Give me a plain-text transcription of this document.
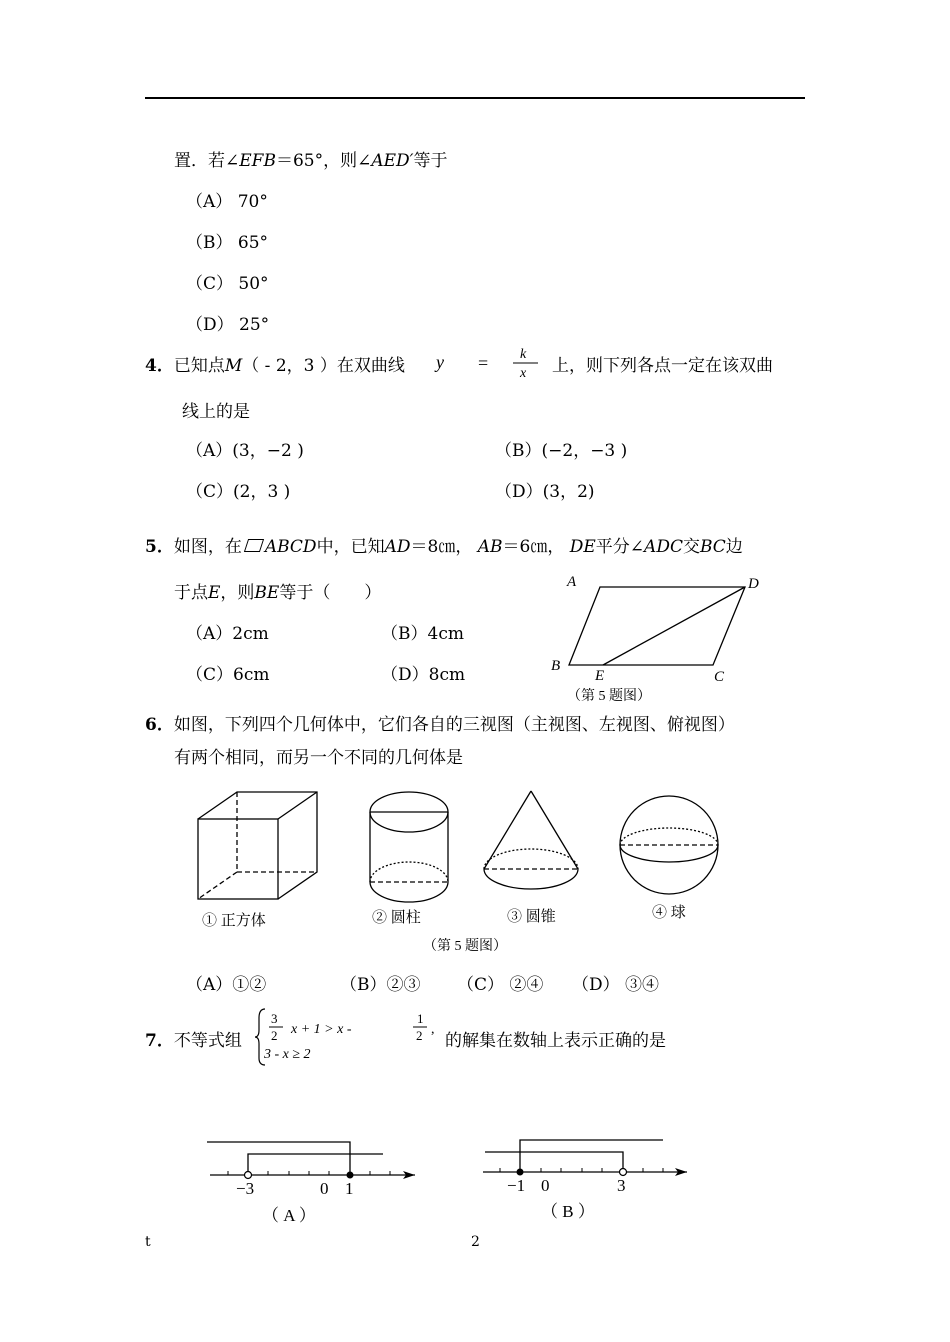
置．若∠EFB＝65°，则∠AED′等于
（A） 70°
（B） 65°
（C） 50°
（D） 25°
4．已知点M（ - 2，3 ）在双曲线 y = k
x 上，则下列各点一定在该双曲
线上的是
（A）(3，−2 )	（B）(−2，−3 )
（C）(2，3 )	（D）(3，2)
5．如图，在 ABCD中，已知AD＝8㎝， AB＝6㎝， DE平分∠ADC交BC边
于点E，则BE等于（　　）
（A）2cm	（B）4cm
（C）6cm	（D）8cm
A	D
B
E	C
（第 5 题图）
6．如图，下列四个几何体中，它们各自的三视图（主视图、左视图、俯视图）
有两个相同，而另一个不同的几何体是
① 正方体	② 圆柱	③ 圆锥	④ 球
（第 5 题图）
（A）①②	（B）②③ （C） ②④ （D） ③④
7．不等式组
3
2 x + 1 > x -
1
2 ,
3 - x ≥ 2
的解集在数轴上表示正确的是
−3	0 1
（ A ）
−1 0	3
（ B ）
t	2
